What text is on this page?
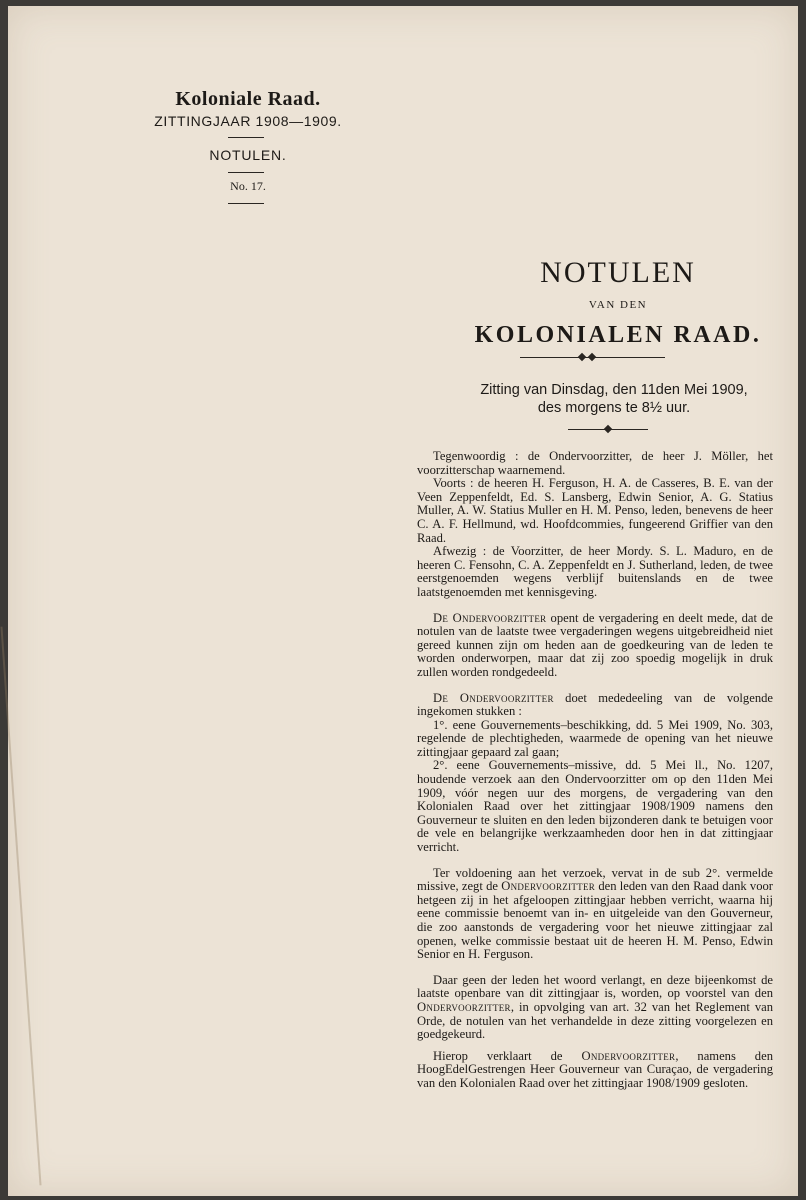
Koloniale Raad.
ZITTINGJAAR 1908—1909.
NOTULEN.
No. 17.
NOTULEN
VAN DEN
KOLONIALEN RAAD.
Zitting van Dinsdag, den 11den Mei 1909,
des morgens te 8½ uur.

Tegenwoordig : de Ondervoorzitter, de heer J. Möller, het voorzitterschap waarnemend.

Voorts : de heeren H. Ferguson, H. A. de Casseres, B. E. van der Veen Zeppenfeldt, Ed. S. Lansberg, Edwin Senior, A. G. Statius Muller, A. W. Statius Muller en H. M. Penso, leden, benevens de heer C. A. F. Hellmund, wd. Hoofdcommies, fungeerend Griffier van den Raad.

Afwezig : de Voorzitter, de heer Mordy. S. L. Maduro, en de heeren C. Fensohn, C. A. Zeppenfeldt en J. Sutherland, leden, de twee eerstgenoemden wegens verblijf buitenslands en de twee laatstgenoemden met kennisgeving.

De Ondervoorzitter opent de vergadering en deelt mede, dat de notulen van de laatste twee vergaderingen wegens uitgebreidheid niet gereed kunnen zijn om heden aan de goedkeuring van de leden te worden onderworpen, maar dat zij zoo spoedig mogelijk in druk zullen worden rondgedeeld.

De Ondervoorzitter doet mededeeling van de volgende ingekomen stukken :

1°. eene Gouvernements–beschikking, dd. 5 Mei 1909, No. 303, regelende de plechtigheden, waarmede de opening van het nieuwe zittingjaar gepaard zal gaan;

2°. eene Gouvernements–missive, dd. 5 Mei ll., No. 1207, houdende verzoek aan den Ondervoorzitter om op den 11den Mei 1909, vóór negen uur des morgens, de vergadering van den Kolonialen Raad over het zittingjaar 1908/1909 namens den Gouverneur te sluiten en den leden bijzonderen dank te betuigen voor de vele en belangrijke werkzaamheden door hen in dat zittingjaar verricht.

Ter voldoening aan het verzoek, vervat in de sub 2°. vermelde missive, zegt de Ondervoorzitter den leden van den Raad dank voor hetgeen zij in het afgeloopen zittingjaar hebben verricht, waarna hij eene commissie benoemt van in- en uitgeleide van den Gouverneur, die zoo aanstonds de vergadering voor het nieuwe zittingjaar zal openen, welke commissie bestaat uit de heeren H. M. Penso, Edwin Senior en H. Ferguson.

Daar geen der leden het woord verlangt, en deze bijeenkomst de laatste openbare van dit zittingjaar is, worden, op voorstel van den Ondervoorzitter, in opvolging van art. 32 van het Reglement van Orde, de notulen van het verhandelde in deze zitting voorgelezen en goedgekeurd.

Hierop verklaart de Ondervoorzitter, namens den HoogEdelGestrengen Heer Gouverneur van Curaçao, de vergadering van den Kolonialen Raad over het zittingjaar 1908/1909 gesloten.
